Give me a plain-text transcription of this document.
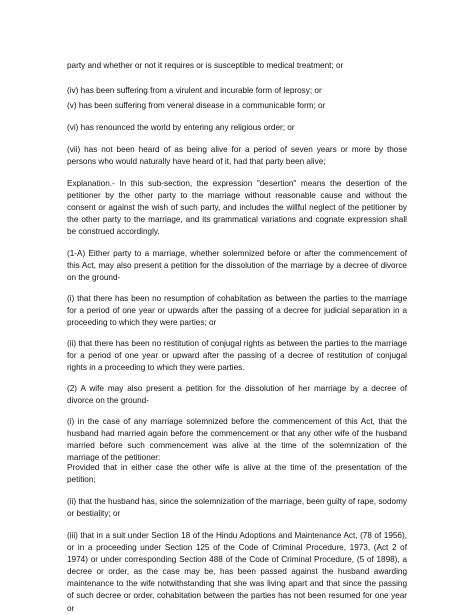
party and whether or not it requires or is susceptible to medical treatment; or

(iv) has been suffering from a virulent and incurable form of leprosy; or

(v) has been suffering from veneral disease in a communicable form; or

(vi) has renounced the world by entering any religious order; or

(vii) has not been heard of as being alive for a period of seven years or more by those persons who would naturally have heard of it, had that party been alive;

Explanation.- In this sub-section, the expression "desertion" means the desertion of the petitioner by the other party to the marriage without reasonable cause and without the consent or against the wish of such party, and includes the willful neglect of the petitioner by the other party to the marriage, and its grammatical variations and cognate expression shall be construed accordingly.

(1-A) Either party to a marriage, whether solemnized before or after the commencement of this Act, may also present a petition for the dissolution of the marriage by a decree of divorce on the ground-

(i) that there has been no resumption of cohabitation as between the parties to the marriage for a period of one year or upwards after the passing of a decree for judicial separation in a proceeding to which they were parties; or

(ii) that there has been no restitution of conjugal rights as between the parties to the marriage for a period of one year or upward after the passing of a decree of restitution of conjugal rights in a proceeding to which they were parties.

(2) A wife may also present a petition for the dissolution of her marriage by a decree of divorce on the ground-

(i) in the case of any marriage solemnized before the commencement of this Act, that the husband had married again before the commencement or that any other wife of the husband married before such commencement was alive at the time of the solemnization of the marriage of the petitioner:

Provided that in either case the other wife is alive at the time of the presentation of the petition;

(ii) that the husband has, since the solemnization of the marriage, been guilty of rape, sodomy or bestiality; or

(iii) that in a suit under Section 18 of the Hindu Adoptions and Maintenance Act, (78 of 1956), or in a proceeding under Section 125 of the Code of Criminal Procedure, 1973, (Act 2 of 1974) or under corresponding Section 488 of the Code of Criminal Procedure, (5 of 1898), a decree or order, as the case may be, has been passed against the husband awarding maintenance to the wife notwithstanding that she was living apart and that since the passing of such decree or order, cohabitation between the parties has not been resumed for one year or
